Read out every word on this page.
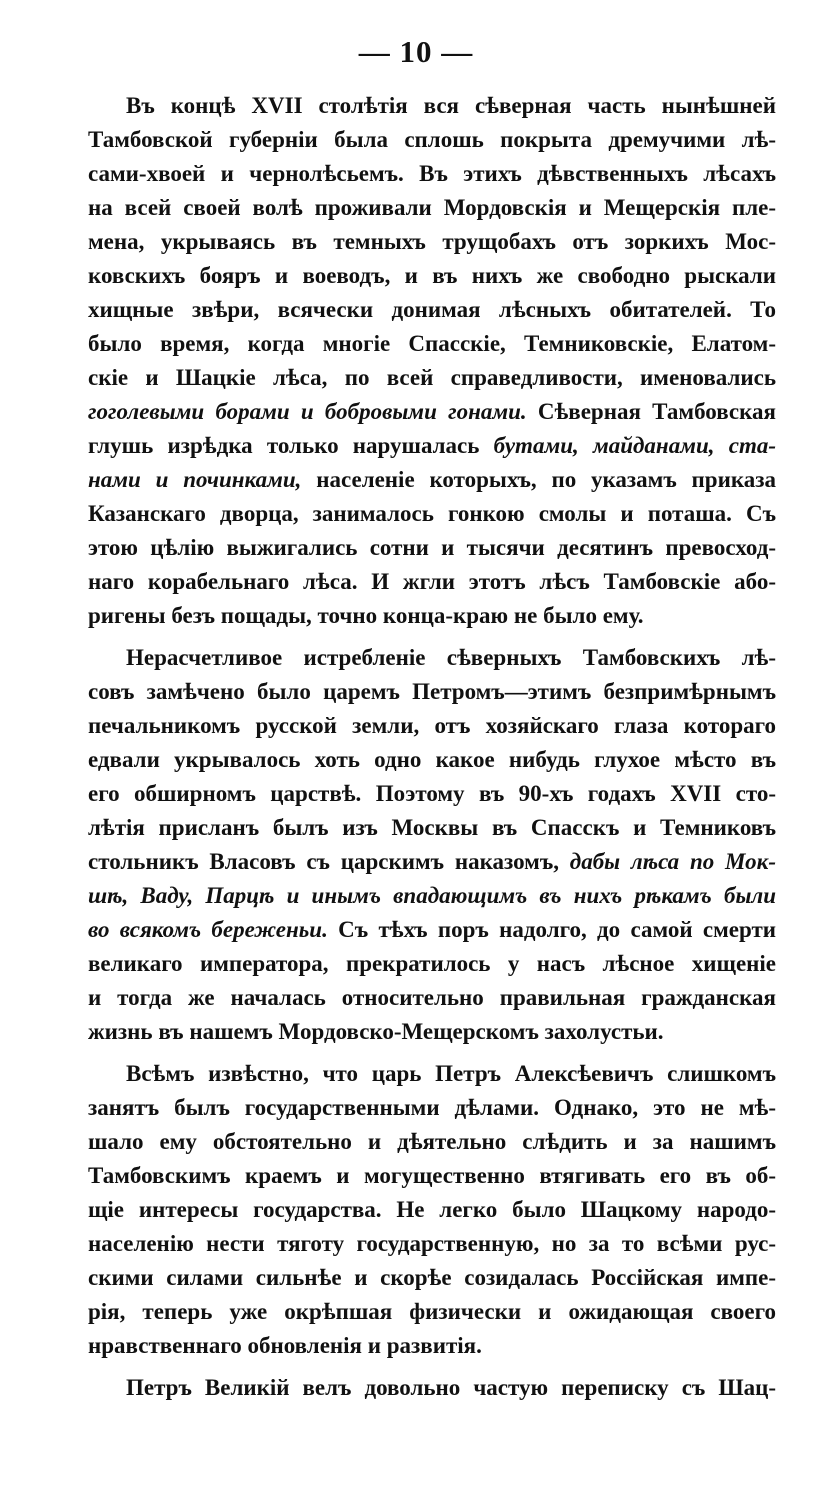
— 10 —
Въ концѣ XVII столѣтія вся сѣверная часть нынѣшней
Тамбовской губерніи была сплошь покрыта дремучими лѣ-
сами-хвоей и чернолѣсьемъ. Въ этихъ дѣвственныхъ лѣсахъ
на всей своей волѣ проживали Мордовскія и Мещерскія пле-
мена, укрываясь въ темныхъ трущобахъ отъ зоркихъ Мос-
ковскихъ бояръ и воеводъ, и въ нихъ же свободно рыскали
хищные звѣри, всячески донимая лѣсныхъ обитателей. То
было время, когда многіе Спасскіе, Темниковскіе, Елатом-
скіе и Шацкіе лѣса, по всей справедливости, именовались
гоголевыми борами и бобровыми гонами. Сѣверная Тамбовская
глушь изрѣдка только нарушалась бутами, майданами, ста-
нами и починками, населеніе которыхъ, по указамъ приказа
Казанскаго дворца, занималось гонкою смолы и поташа. Съ
этою цѣлію выжигались сотни и тысячи десятинъ превосход-
наго корабельнаго лѣса. И жгли этотъ лѣсъ Тамбовскіе або-
ригены безъ пощады, точно конца-краю не было ему.
Нерасчетливое истребленіе сѣверныхъ Тамбовскихъ лѣ-
совъ замѣчено было царемъ Петромъ—этимъ безпримѣрнымъ
печальникомъ русской земли, отъ хозяйскаго глаза котораго
едвали укрывалось хоть одно какое нибудь глухое мѣсто въ
его обширномъ царствѣ. Поэтому въ 90-хъ годахъ XVII сто-
лѣтія присланъ былъ изъ Москвы въ Спасскъ и Темниковъ
стольникъ Власовъ съ царскимъ наказомъ, дабы лѣса по Мок-
шѣ, Ваду, Парцѣ и инымъ впадающимъ въ нихъ рѣкамъ были
во всякомъ береженьи. Съ тѣхъ поръ надолго, до самой смерти
великаго императора, прекратилось у насъ лѣсное хищеніе
и тогда же началась относительно правильная гражданская
жизнь въ нашемъ Мордовско-Мещерскомъ захолустьи.
Всѣмъ извѣстно, что царь Петръ Алексѣевичъ слишкомъ
занятъ былъ государственными дѣлами. Однако, это не мѣ-
шало ему обстоятельно и дѣятельно слѣдить и за нашимъ
Тамбовскимъ краемъ и могущественно втягивать его въ об-
щіе интересы государства. Не легко было Шацкому народо-
населенію нести тяготу государственную, но за то всѣми рус-
скими силами сильнѣе и скорѣе созидалась Россійская импе-
рія, теперь уже окрѣпшая физически и ожидающая своего
нравственнаго обновленія и развитія.
Петръ Великій велъ довольно частую переписку съ Шац-
